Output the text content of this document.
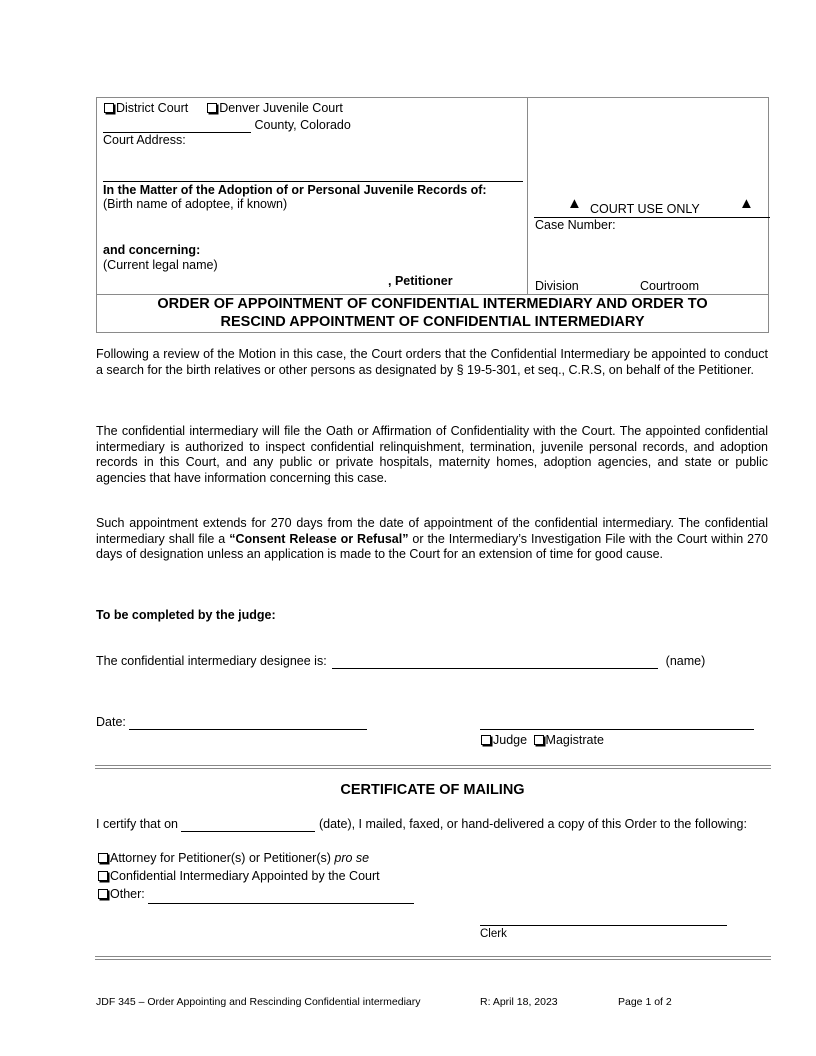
District Court Denver Juvenile Court
County, Colorado
Court Address:
In the Matter of the Adoption of or Personal Juvenile Records of:
(Birth name of adoptee, if known)
and concerning:
(Current legal name)
, Petitioner
▲ COURT USE ONLY	▲
Case Number:
Division	Courtroom
ORDER OF APPOINTMENT OF CONFIDENTIAL INTERMEDIARY AND ORDER TO
RESCIND APPOINTMENT OF CONFIDENTIAL INTERMEDIARY
Following a review of the Motion in this case, the Court orders that the Confidential Intermediary be appointed to conduct a search for the birth relatives or other persons as designated by § 19-5-301, et seq., C.R.S, on behalf of the Petitioner.
The confidential intermediary will file the Oath or Affirmation of Confidentiality with the Court. The appointed confidential intermediary is authorized to inspect confidential relinquishment, termination, juvenile personal records, and adoption records in this Court, and any public or private hospitals, maternity homes, adoption agencies, and state or public agencies that have information concerning this case.
Such appointment extends for 270 days from the date of appointment of the confidential intermediary. The confidential intermediary shall file a “Consent Release or Refusal” or the Intermediary’s Investigation File with the Court within 270 days of designation unless an application is made to the Court for an extension of time for good cause.
To be completed by the judge:
The confidential intermediary designee is:	(name)
Date:
Judge Magistrate
CERTIFICATE OF MAILING
I certify that on	(date), I mailed, faxed, or hand-delivered a copy of this Order to the following:
Attorney for Petitioner(s) or Petitioner(s) pro se
Confidential Intermediary Appointed by the Court
Other:
Clerk
JDF 345 – Order Appointing and Rescinding Confidential intermediary	R: April 18, 2023	Page 1 of 2
